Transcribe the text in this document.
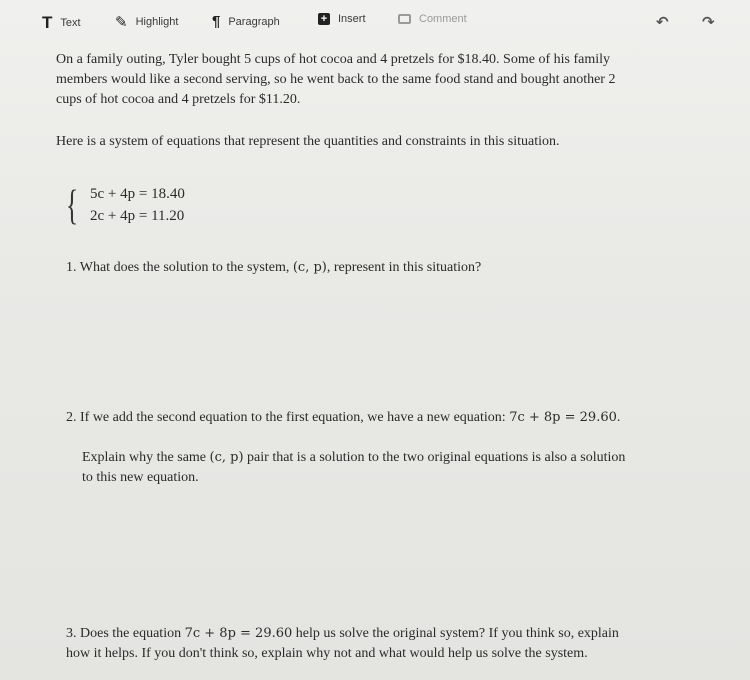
T Text ✎ Highlight ¶ Paragraph	+ Insert	Comment	↶ ↷

On a family outing, Tyler bought 5 cups of hot cocoa and 4 pretzels for $18.40. Some of his family
members would like a second serving, so he went back to the same food stand and bought another 2
cups of hot cocoa and 4 pretzels for $11.20.

Here is a system of equations that represent the quantities and constraints in this situation.

{ 5c + 4p = 18.40
2c + 4p = 11.20

1. What does the solution to the system, (c, p), represent in this situation?

2. If we add the second equation to the first equation, we have a new equation: 7c + 8p = 29.60.

Explain why the same (c, p) pair that is a solution to the two original equations is also a solution
to this new equation.

3. Does the equation 7c + 8p = 29.60 help us solve the original system? If you think so, explain
how it helps. If you don't think so, explain why not and what would help us solve the system.
